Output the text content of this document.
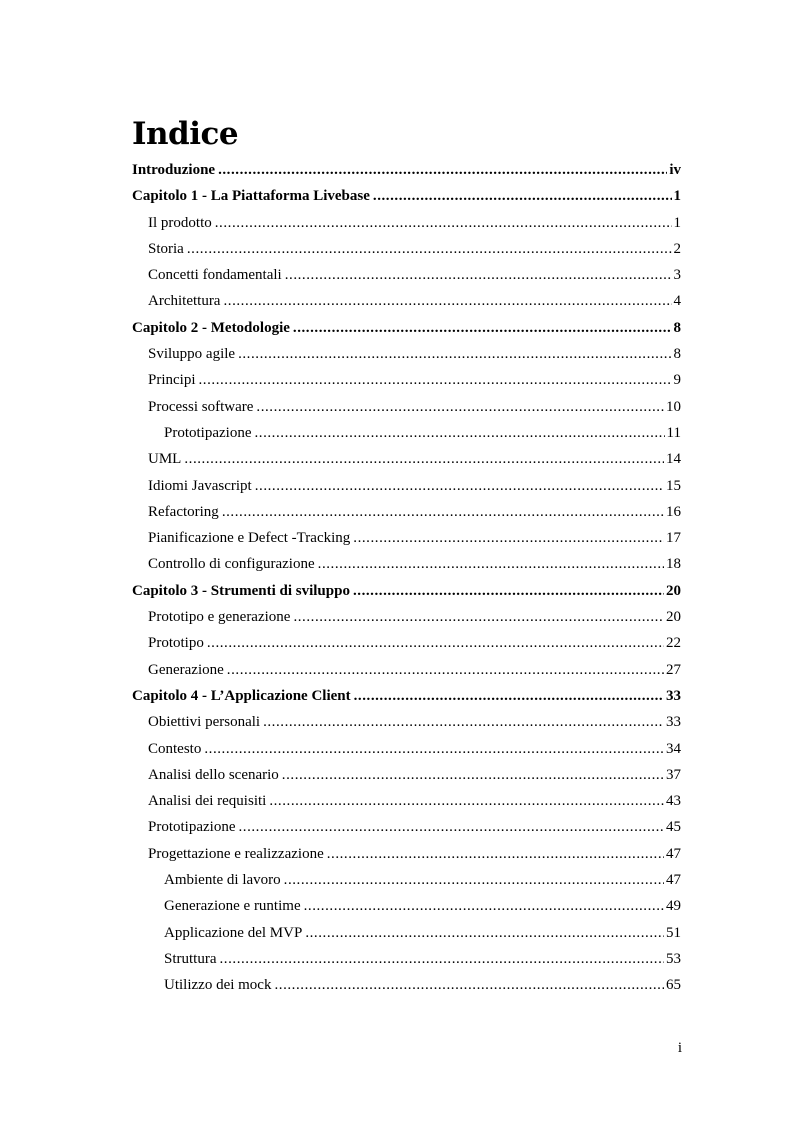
Indice
Introduzione . . .	iv
Capitolo 1 - La Piattaforma Livebase . . .	1
Il prodotto . . .	1
Storia . . .	2
Concetti fondamentali . . .	3
Architettura . . .	4
Capitolo 2 - Metodologie . . .	8
Sviluppo agile . . .	8
Principi . . .	9
Processi software . . .	10
Prototipazione . . .	11
UML . . .	14
Idiomi Javascript . . .	15
Refactoring . . .	16
Pianificazione e Defect -Tracking . . .	17
Controllo di configurazione . . .	18
Capitolo 3 - Strumenti di sviluppo . . .	20
Prototipo e generazione . . .	20
Prototipo . . .	22
Generazione . . .	27
Capitolo 4 - L’Applicazione Client . . .	33
Obiettivi personali . . .	33
Contesto . . .	34
Analisi dello scenario . . .	37
Analisi dei requisiti . . .	43
Prototipazione . . .	45
Progettazione e realizzazione . . .	47
Ambiente di lavoro . . .	47
Generazione e runtime . . .	49
Applicazione del MVP . . .	51
Struttura . . .	53
Utilizzo dei mock . . .	65
i
